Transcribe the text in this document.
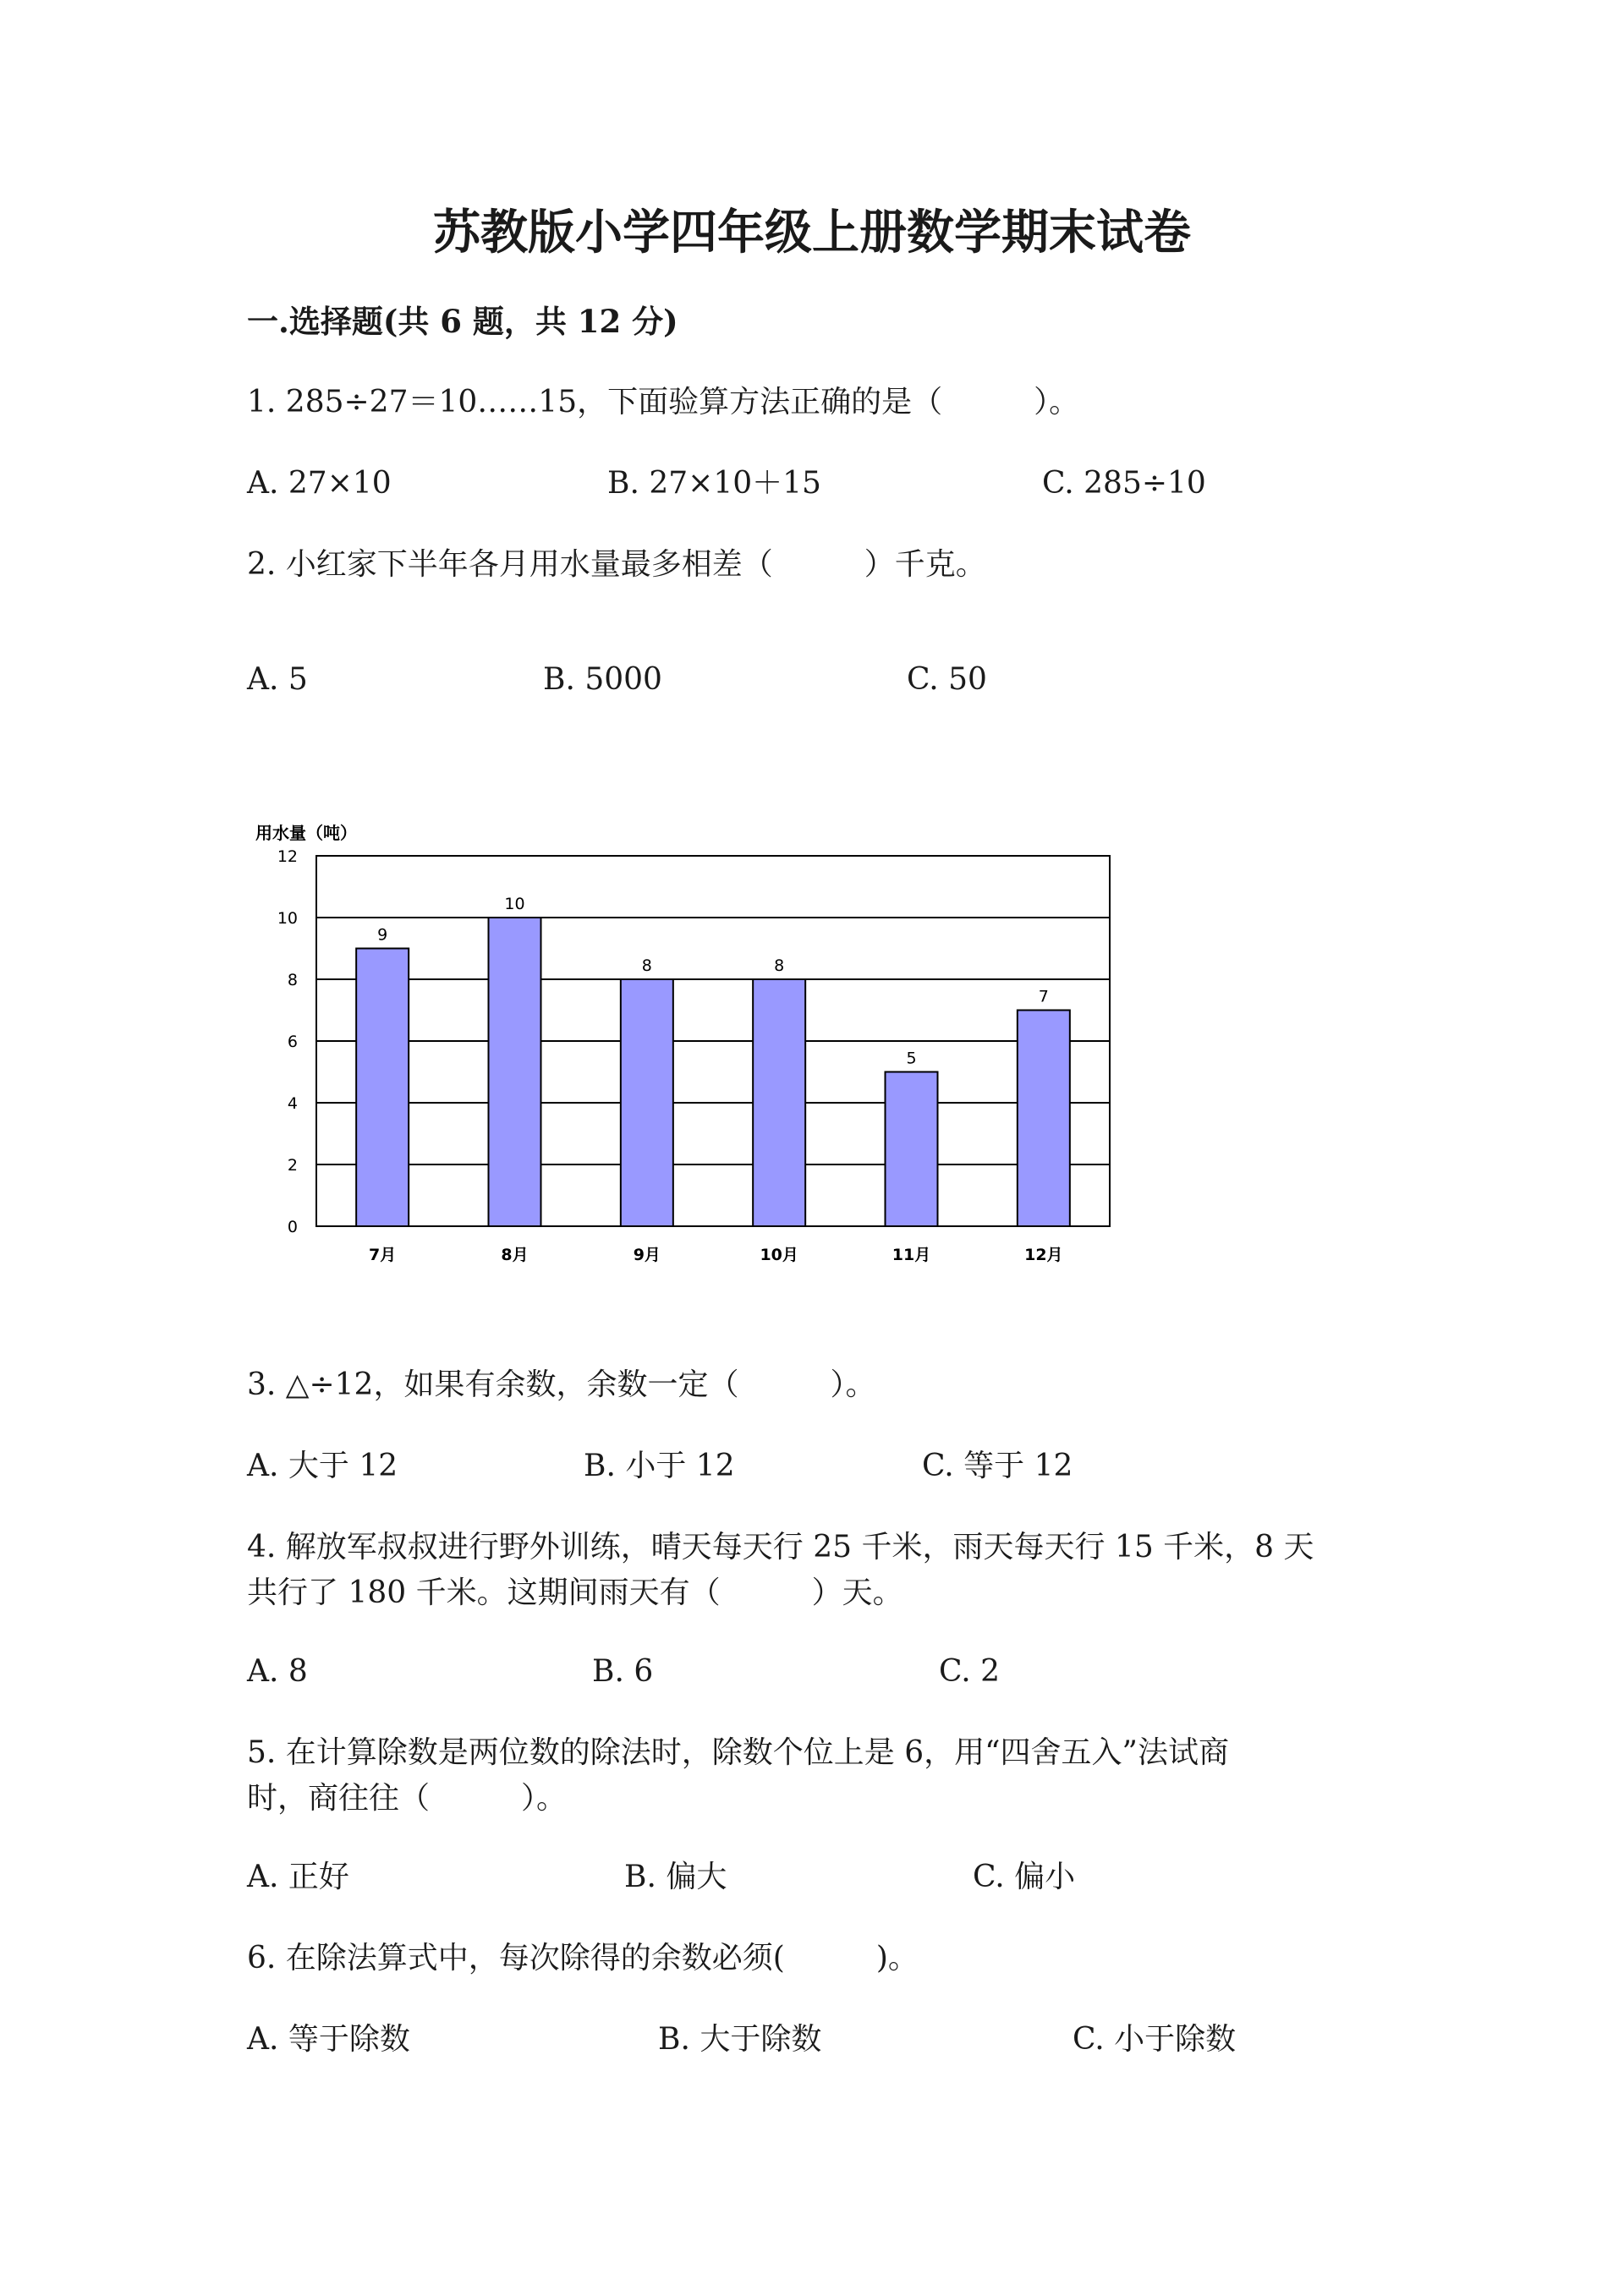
苏教版小学四年级上册数学期末试卷
一.选择题(共 6 题，共 12 分)
1. 285÷27＝10……15，下面验算方法正确的是（　　　）。
A. 27×10	B. 27×10＋15	C. 285÷10
2. 小红家下半年各月用水量最多相差（　　　）千克。
A. 5	B. 5000	C. 50
9
10
8	8
5
7
0
2
4
6
8
10
12
7月	8月	9月	10月	11月	12月
用水量（吨）
3. △÷12，如果有余数，余数一定（　　　）。
A. 大于 12	B. 小于 12	C. 等于 12
4. 解放军叔叔进行野外训练，晴天每天行 25 千米，雨天每天行 15 千米，8 天
共行了 180 千米。这期间雨天有（　　　）天。
A. 8	B. 6	C. 2
5. 在计算除数是两位数的除法时，除数个位上是 6，用“四舍五入”法试商
时，商往往（　　　）。
A. 正好	B. 偏大	C. 偏小
6. 在除法算式中，每次除得的余数必须(　　　)。
A. 等于除数	B. 大于除数	C. 小于除数
